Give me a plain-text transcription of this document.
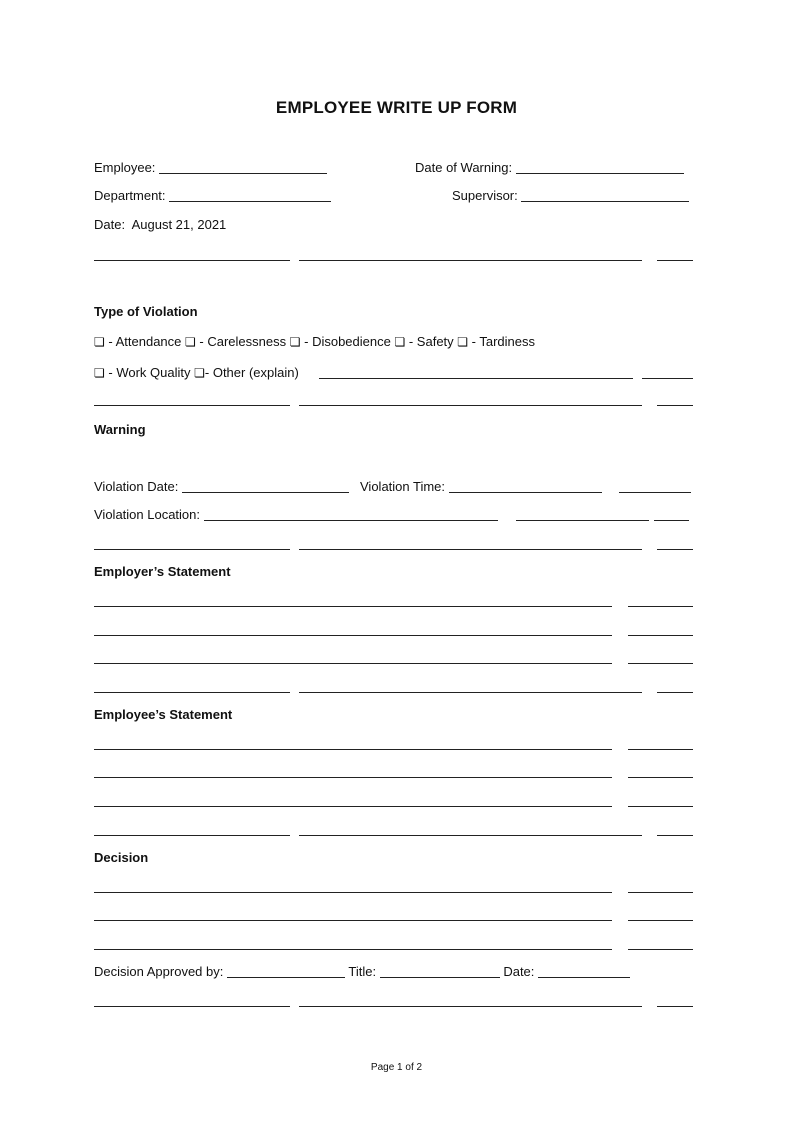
EMPLOYEE WRITE UP FORM
Employee:	Date of Warning:
Department:	Supervisor:
Date: August 21, 2021
Type of Violation
❏ - Attendance ❏ - Carelessness ❏ - Disobedience ❏ - Safety ❏ - Tardiness
❏ - Work Quality ❏- Other (explain)
Warning
Violation Date:	Violation Time:
Violation Location:
Employer’s Statement
Employee’s Statement
Decision
Decision Approved by:	Title:	Date:
Page 1 of 2
